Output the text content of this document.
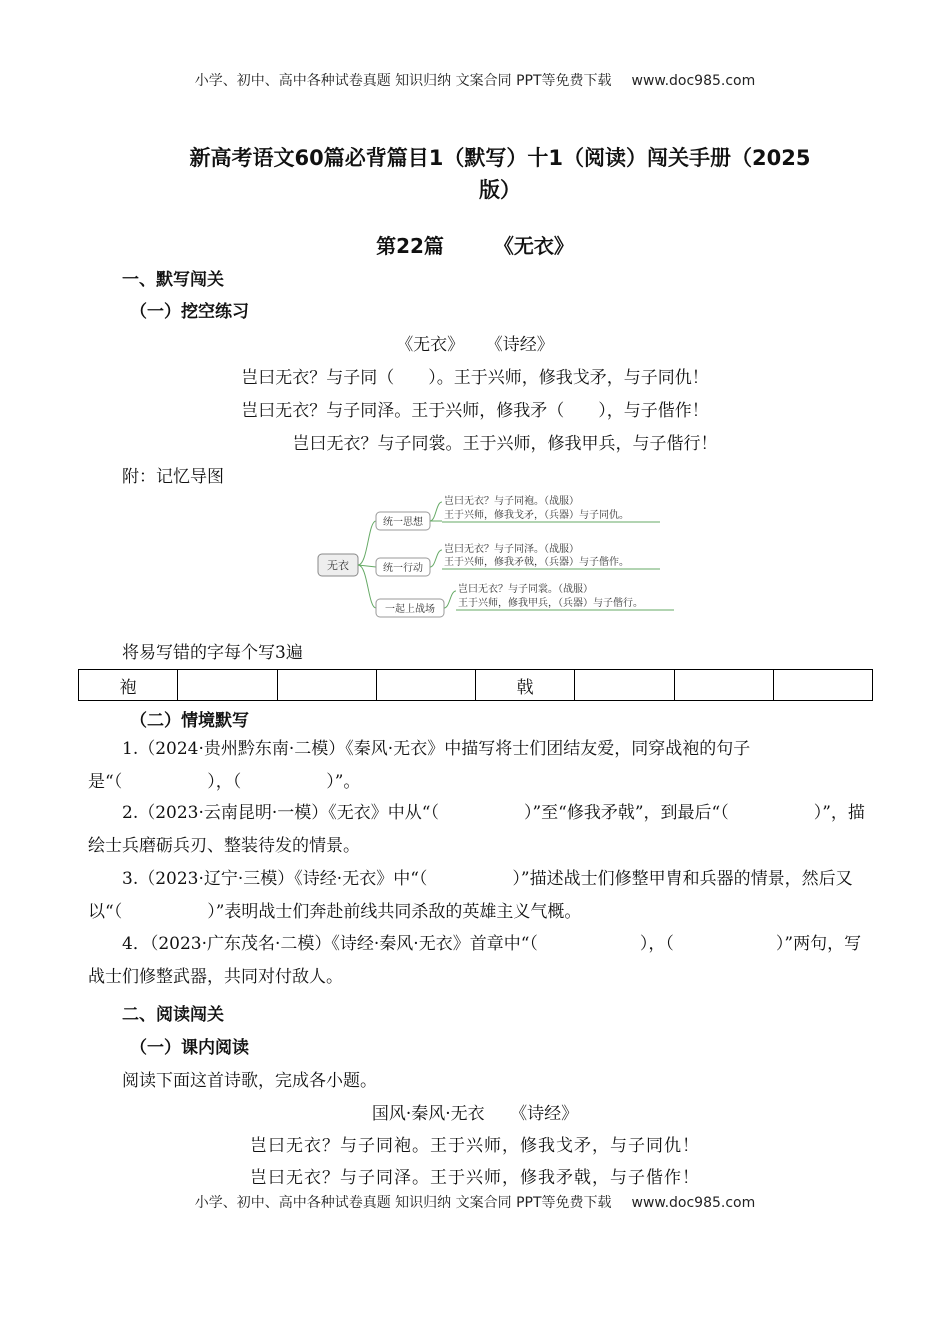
小学、初中、高中各种试卷真题 知识归纳 文案合同 PPT等免费下载 www.doc985.com
新高考语文60篇必背篇目1（默写）十1（阅读）闯关手册（2025
版）
第22篇	《无衣》
一、默写闯关
（一）挖空练习
《无衣》    《诗经》
岂曰无衣？与子同（　　）。王于兴师，修我戈矛，与子同仇！
岂曰无衣？与子同泽。王于兴师，修我矛（　　），与子偕作！
岂曰无衣？与子同裳。王于兴师，修我甲兵，与子偕行！
附：记忆导图
无衣
统一思想
岂曰无衣？与子同袍。（战服）
王于兴师，修我戈矛，（兵器）与子同仇。
统一行动
岂曰无衣？与子同泽。（战服）
王于兴师，修我矛戟，（兵器）与子偕作。
一起上战场
岂曰无衣？与子同裳。（战服）
王于兴师，修我甲兵，（兵器）与子偕行。
将易写错的字每个写3遍
袍				戟			
（二）情境默写
1.（2024·贵州黔东南·二模）《秦风·无衣》中描写将士们团结友爱，同穿战袍的句子是“（　　　　　），（　　　　　）”。
2.（2023·云南昆明·一模）《无衣》中从“（　　　　　）”至“修我矛戟”，到最后“（　　　　　）”，描绘士兵磨砺兵刃、整装待发的情景。
3.（2023·辽宁·三模）《诗经·无衣》中“（　　　　　）”描述战士们修整甲胄和兵器的情景，然后又以“（　　　　　）”表明战士们奔赴前线共同杀敌的英雄主义气概。
4．（2023·广东茂名·二模）《诗经·秦风·无衣》首章中“（　　　　　　），（　　　　　　）”两句，写战士们修整武器，共同对付敌人。
二、阅读闯关
（一）课内阅读
阅读下面这首诗歌，完成各小题。
国风·秦风·无衣　　《诗经》
岂曰无衣？与子同袍。王于兴师，修我戈矛，与子同仇！
岂曰无衣？与子同泽。王于兴师，修我矛戟，与子偕作！
小学、初中、高中各种试卷真题 知识归纳 文案合同 PPT等免费下载 www.doc985.com
